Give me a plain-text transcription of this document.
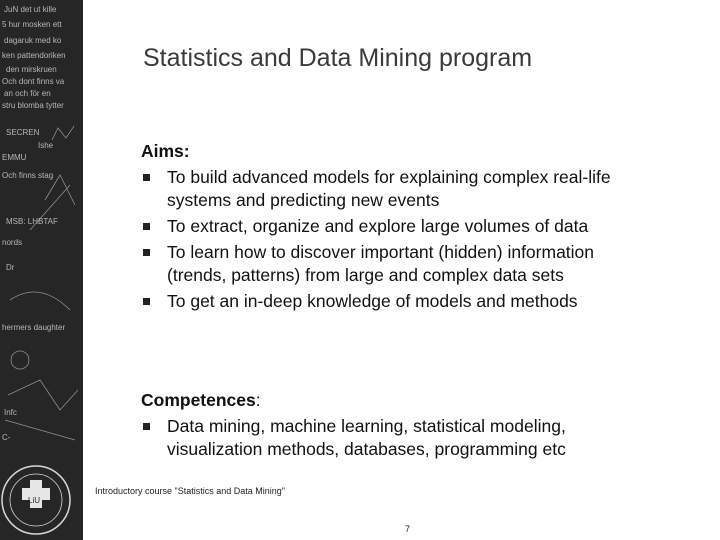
JuN det ut kille
5 hur mosken ett
dagaruk med ko
ken pattendoriken
den mirskruen
Och dont finns va
an och för en
stru blomba tytter
SECREN
Ishe
EMMU
Och finns stag
MSB: LHBTAF
nords
Dr
hermers daughter
Infc
C-
LiU
Statistics and Data Mining program
Aims:
To build advanced models for explaining complex real-life
systems and predicting new events
To extract, organize and explore large volumes of data
To learn how to discover important (hidden) information
(trends, patterns) from large and complex data sets
To get an in-deep knowledge of models and methods
Competences:
Data mining, machine learning, statistical modeling,
visualization methods, databases, programming etc
Introductory course "Statistics and Data Mining"
7
